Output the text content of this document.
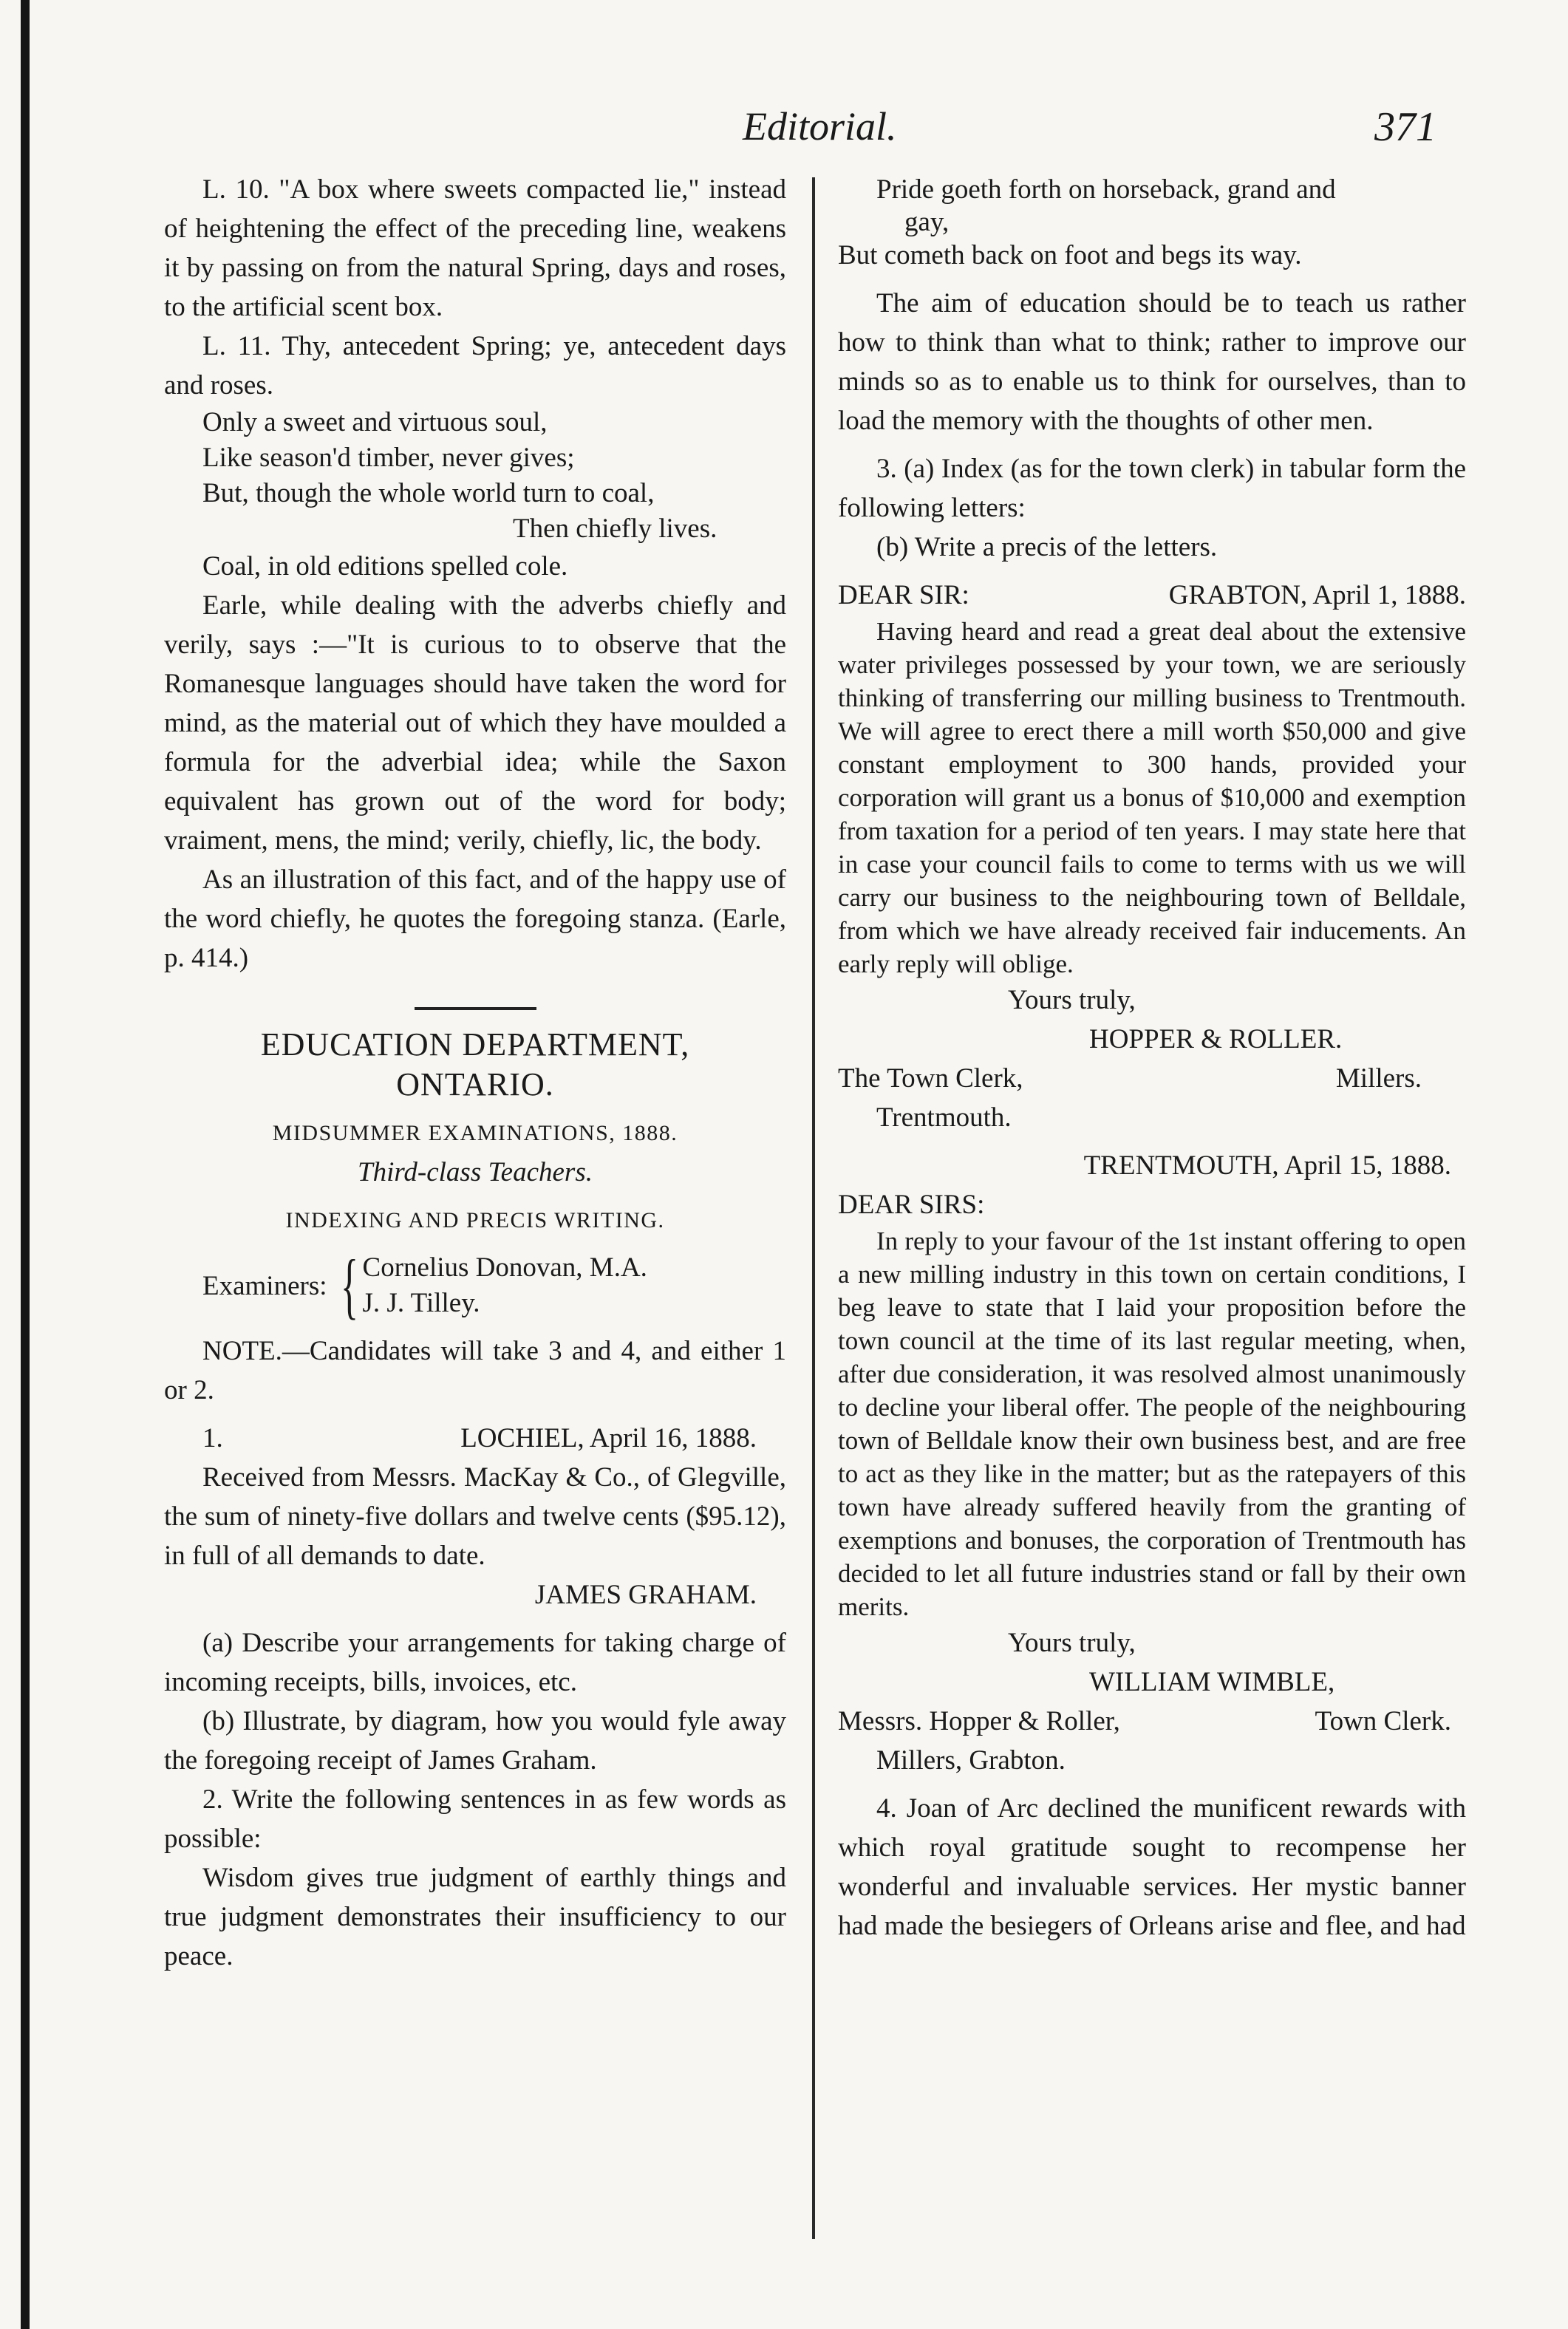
Editorial.	371

L. 10. "A box where sweets compacted lie," instead of heightening the effect of the preceding line, weakens it by passing on from the natural Spring, days and roses, to the artificial scent box.

L. 11. Thy, antecedent Spring; ye, antecedent days and roses.

Only a sweet and virtuous soul,
Like season'd timber, never gives;
But, though the whole world turn to coal,
Then chiefly lives.

Coal, in old editions spelled cole.

Earle, while dealing with the adverbs chiefly and verily, says :—"It is curious to to observe that the Romanesque languages should have taken the word for mind, as the material out of which they have moulded a formula for the adverbial idea; while the Saxon equivalent has grown out of the word for body; vraiment, mens, the mind; verily, chiefly, lic, the body.

As an illustration of this fact, and of the happy use of the word chiefly, he quotes the foregoing stanza. (Earle, p. 414.)

EDUCATION DEPARTMENT,
ONTARIO.
MIDSUMMER EXAMINATIONS, 1888.
Third-class Teachers.
INDEXING AND PRECIS WRITING.
Examiners: { Cornelius Donovan, M.A.
J. J. Tilley.

NOTE.—Candidates will take 3 and 4, and either 1 or 2.

1.	LOCHIEL, April 16, 1888.

Received from Messrs. MacKay & Co., of Glegville, the sum of ninety-five dollars and twelve cents ($95.12), in full of all demands to date.

JAMES GRAHAM.

(a) Describe your arrangements for taking charge of incoming receipts, bills, invoices, etc.

(b) Illustrate, by diagram, how you would fyle away the foregoing receipt of James Graham.

2. Write the following sentences in as few words as possible:

Wisdom gives true judgment of earthly things and true judgment demonstrates their insufficiency to our peace.

Pride goeth forth on horseback, grand and
gay,
But cometh back on foot and begs its way.

The aim of education should be to teach us rather how to think than what to think; rather to improve our minds so as to enable us to think for ourselves, than to load the memory with the thoughts of other men.

3. (a) Index (as for the town clerk) in tabular form the following letters:

(b) Write a precis of the letters.

DEAR SIR:	GRABTON, April 1, 1888.

Having heard and read a great deal about the extensive water privileges possessed by your town, we are seriously thinking of transferring our milling business to Trentmouth. We will agree to erect there a mill worth $50,000 and give constant employment to 300 hands, provided your corporation will grant us a bonus of $10,000 and exemption from taxation for a period of ten years. I may state here that in case your council fails to come to terms with us we will carry our business to the neighbouring town of Belldale, from which we have already received fair inducements. An early reply will oblige.

Yours truly,
HOPPER & ROLLER.
The Town Clerk,	Millers.
Trentmouth.
TRENTMOUTH, April 15, 1888.
DEAR SIRS:

In reply to your favour of the 1st instant offering to open a new milling industry in this town on certain conditions, I beg leave to state that I laid your proposition before the town council at the time of its last regular meeting, when, after due consideration, it was resolved almost unanimously to decline your liberal offer. The people of the neighbouring town of Belldale know their own business best, and are free to act as they like in the matter; but as the ratepayers of this town have already suffered heavily from the granting of exemptions and bonuses, the corporation of Trentmouth has decided to let all future industries stand or fall by their own merits.

Yours truly,
WILLIAM WIMBLE,
Messrs. Hopper & Roller,	Town Clerk.
Millers, Grabton.

4. Joan of Arc declined the munificent rewards with which royal gratitude sought to recompense her wonderful and invaluable services. Her mystic banner had made the besiegers of Orleans arise and flee, and had
